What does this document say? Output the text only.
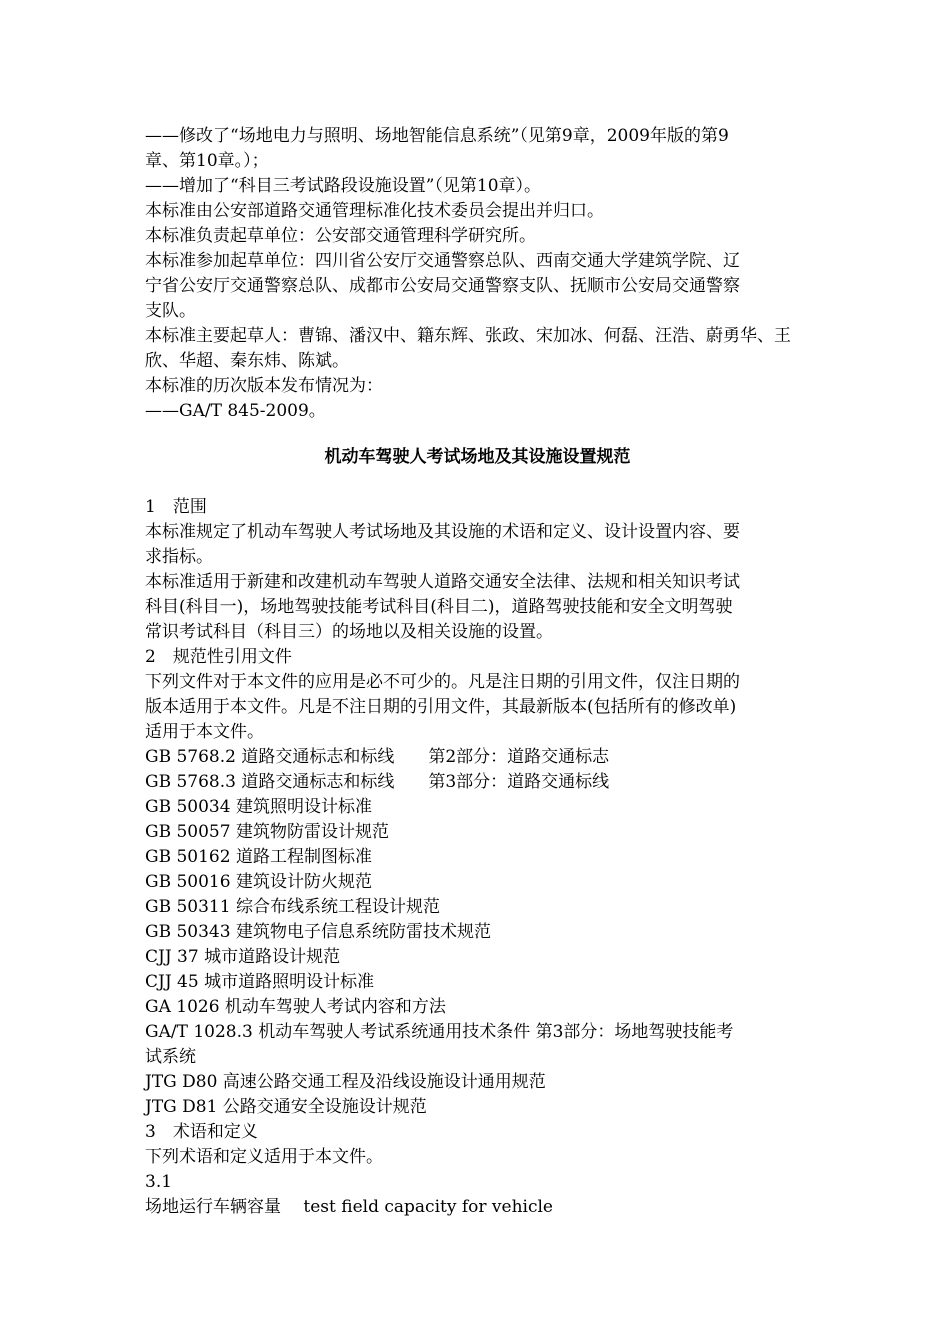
——修改了“场地电力与照明、场地智能信息系统”（见第9章，2009年版的第9
章、第10章。）；
——增加了“科目三考试路段设施设置”（见第10章）。
本标准由公安部道路交通管理标准化技术委员会提出并归口。
本标准负责起草单位：公安部交通管理科学研究所。
本标准参加起草单位：四川省公安厅交通警察总队、西南交通大学建筑学院、辽
宁省公安厅交通警察总队、成都市公安局交通警察支队、抚顺市公安局交通警察
支队。
本标准主要起草人：曹锦、潘汉中、籍东辉、张政、宋加冰、何磊、汪浩、蔚勇华、王
欣、华超、秦东炜、陈斌。
本标准的历次版本发布情况为：
——GA/T 845-2009。
机动车驾驶人考试场地及其设施设置规范
1　范围
本标准规定了机动车驾驶人考试场地及其设施的术语和定义、设计设置内容、要
求指标。
本标准适用于新建和改建机动车驾驶人道路交通安全法律、法规和相关知识考试
科目(科目一)，场地驾驶技能考试科目(科目二)，道路驾驶技能和安全文明驾驶
常识考试科目（科目三）的场地以及相关设施的设置。
2　规范性引用文件
下列文件对于本文件的应用是必不可少的。凡是注日期的引用文件，仅注日期的
版本适用于本文件。凡是不注日期的引用文件，其最新版本(包括所有的修改单)
适用于本文件。
GB 5768.2 道路交通标志和标线　　第2部分：道路交通标志
GB 5768.3 道路交通标志和标线　　第3部分：道路交通标线
GB 50034 建筑照明设计标准
GB 50057 建筑物防雷设计规范
GB 50162 道路工程制图标准
GB 50016 建筑设计防火规范
GB 50311 综合布线系统工程设计规范
GB 50343 建筑物电子信息系统防雷技术规范
CJJ 37 城市道路设计规范
CJJ 45 城市道路照明设计标准
GA 1026 机动车驾驶人考试内容和方法
GA/T 1028.3 机动车驾驶人考试系统通用技术条件 第3部分：场地驾驶技能考
试系统
JTG D80 高速公路交通工程及沿线设施设计通用规范
JTG D81 公路交通安全设施设计规范
3　术语和定义
下列术语和定义适用于本文件。
3.1
场地运行车辆容量　 test field capacity for vehicle
